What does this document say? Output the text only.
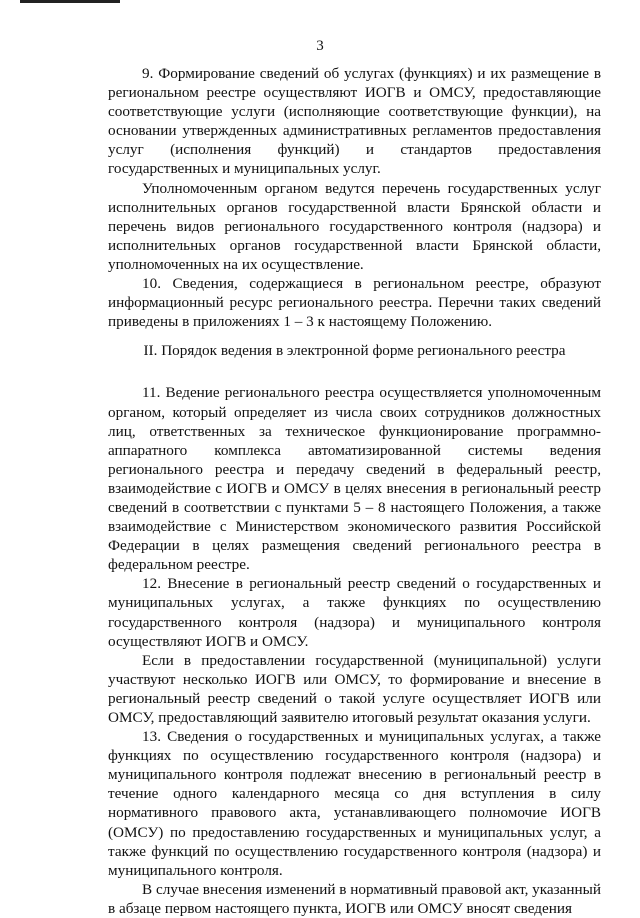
3

9. Формирование сведений об услугах (функциях) и их размещение в региональном реестре осуществляют ИОГВ и ОМСУ, предоставляющие соответствующие услуги (исполняющие соответствующие функции), на основании утвержденных административных регламентов предоставления услуг (исполнения функций) и стандартов предоставления государственных и муниципальных услуг.

Уполномоченным органом ведутся перечень государственных услуг исполнительных органов государственной власти Брянской области и перечень видов регионального государственного контроля (надзора) и исполнительных органов государственной власти Брянской области, уполномоченных на их осуществление.

10. Сведения, содержащиеся в региональном реестре, образуют информационный ресурс регионального реестра. Перечни таких сведений приведены в приложениях 1 – 3 к настоящему Положению.

II. Порядок ведения в электронной форме регионального реестра

11. Ведение регионального реестра осуществляется уполномоченным органом, который определяет из числа своих сотрудников должностных лиц, ответственных за техническое функционирование программно-аппаратного комплекса автоматизированной системы ведения регионального реестра и передачу сведений в федеральный реестр, взаимодействие с ИОГВ и ОМСУ в целях внесения в региональный реестр сведений в соответствии с пунктами 5 – 8 настоящего Положения, а также взаимодействие с Министерством экономического развития Российской Федерации в целях размещения сведений регионального реестра в федеральном реестре.

12. Внесение в региональный реестр сведений о государственных и муниципальных услугах, а также функциях по осуществлению государственного контроля (надзора) и муниципального контроля осуществляют ИОГВ и ОМСУ.

Если в предоставлении государственной (муниципальной) услуги участвуют несколько ИОГВ или ОМСУ, то формирование и внесение в региональный реестр сведений о такой услуге осуществляет ИОГВ или ОМСУ, предоставляющий заявителю итоговый результат оказания услуги.

13. Сведения о государственных и муниципальных услугах, а также функциях по осуществлению государственного контроля (надзора) и муниципального контроля подлежат внесению в региональный реестр в течение одного календарного месяца со дня вступления в силу нормативного правового акта, устанавливающего полномочие ИОГВ (ОМСУ) по предоставлению государственных и муниципальных услуг, а также функций по осуществлению государственного контроля (надзора) и муниципального контроля.

В случае внесения изменений в нормативный правовой акт, указанный в абзаце первом настоящего пункта, ИОГВ или ОМСУ вносят сведения
